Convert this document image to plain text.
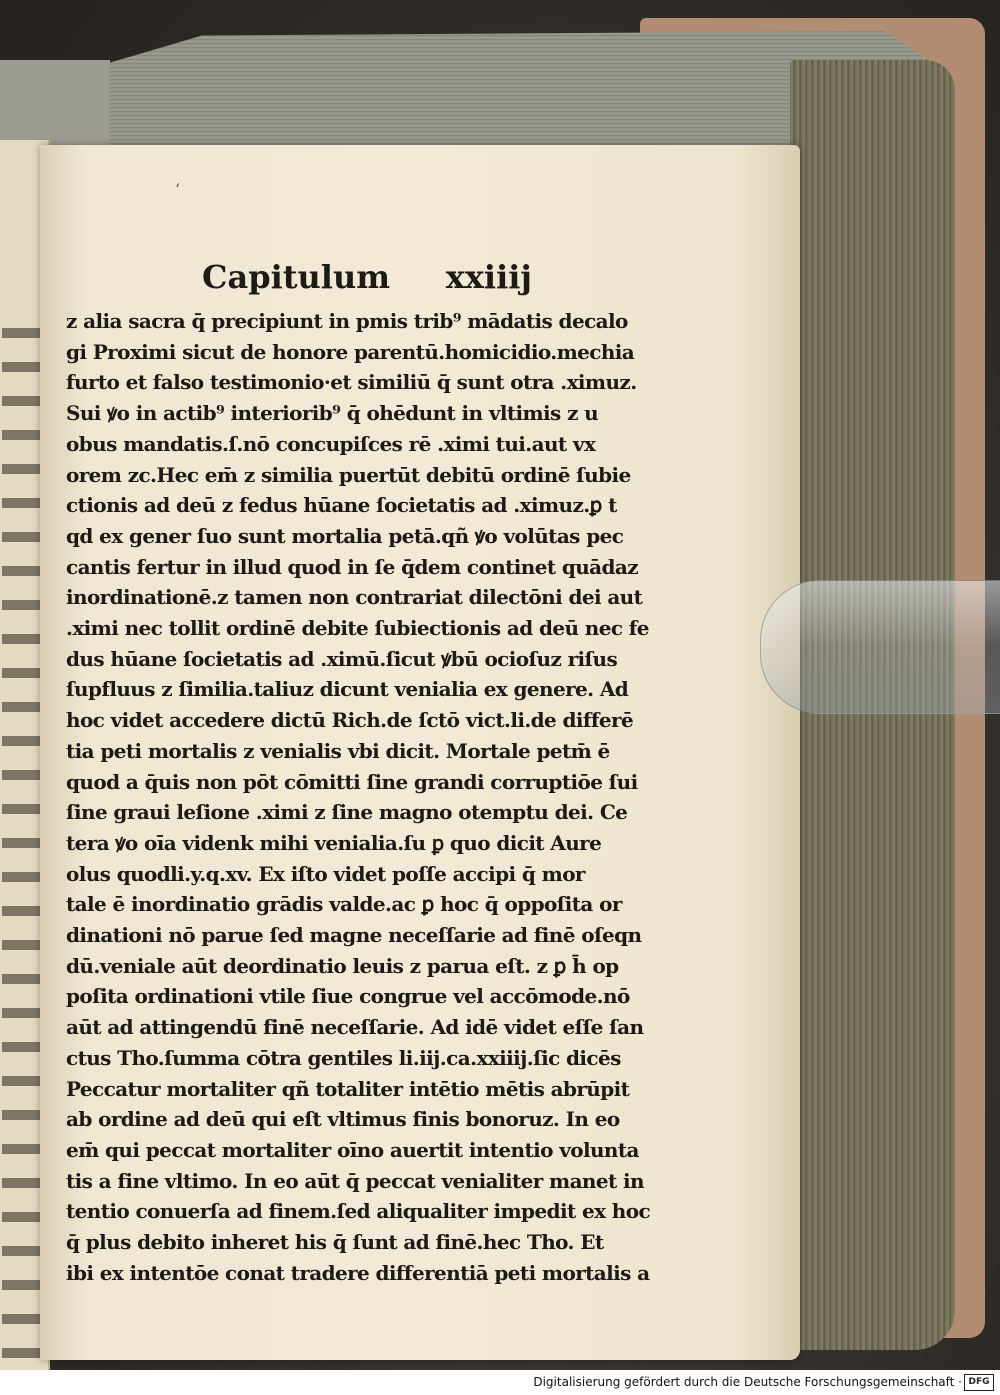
ʻ
Capitulum     xxiiij
z alia sacra q̄ precipiunt in pmis trib⁹ mādatis decalo
gi Proximi sicut de honore parentū.homicidio.mechia
furto et falso testimonio·et similiū q̄ sunt otra .ximuz.
Sui ꝟo in actib⁹ interiorib⁹ q̄ ohēdunt in vltimis z u
obus mandatis.ſ.nō concupiſces rē .ximi tui.aut vx
orem zc.Hec em̄ z similia puertūt debitū ordinē ſubie
ctionis ad deū z fedus hūane ſocietatis ad .ximuz.ꝑ t
qd ex gener ſuo sunt mortalia petā.qñ ꝟo volūtas pec
cantis fertur in illud quod in ſe q̄dem continet quādaz
inordinationē.z tamen non contrariat dilectōni dei aut
.ximi nec tollit ordinē debite ſubiectionis ad deū nec fe
dus hūane ſocietatis ad .ximū.ſicut ꝟbū ocioſuz riſus
ſupfluus z ſimilia.taliuz dicunt venialia ex genere. Ad
hoc videt accedere dictū Rich.de ſctō vict.li.de differē
tia peti mortalis z venialis vbi dicit. Mortale petm̄ ē
quod a q̄uis non pōt cōmitti ſine grandi corruptiōe ſui
ſine graui leſione .ximi z ſine magno otemptu dei. Ce
tera ꝟo oīa videnk mihi venialia.ſu ꝑ quo dicit Aure
olus quodli.y.q.xv. Ex iſto videt poſſe accipi q̄ mor
tale ē inordinatio grādis valde.ac ꝑ hoc q̄ oppoſita or
dinationi nō parue ſed magne neceſſarie ad finē oſeqn
dū.veniale aūt deordinatio leuis z parua eſt. z ꝑ h̄ op
poſita ordinationi vtile ſiue congrue vel accōmode.nō
aūt ad attingendū finē neceſſarie. Ad idē videt eſſe ſan
ctus Tho.ſumma cōtra gentiles li.iij.ca.xxiiij.ſic dicēs
Peccatur mortaliter qñ totaliter intētio mētis abrūpit
ab ordine ad deū qui eſt vltimus finis bonoruz. In eo
em̄ qui peccat mortaliter oīno auertit intentio volunta
tis a fine vltimo. In eo aūt q̄ peccat venialiter manet in
tentio conuerſa ad finem.ſed aliqualiter impedit ex hoc
q̄ plus debito inheret his q̄ ſunt ad finē.hec Tho. Et
ibi ex intentōe conat tradere differentiā peti mortalis a
Digitalisierung gefördert durch die Deutsche Forschungsgemeinschaft · DFG
